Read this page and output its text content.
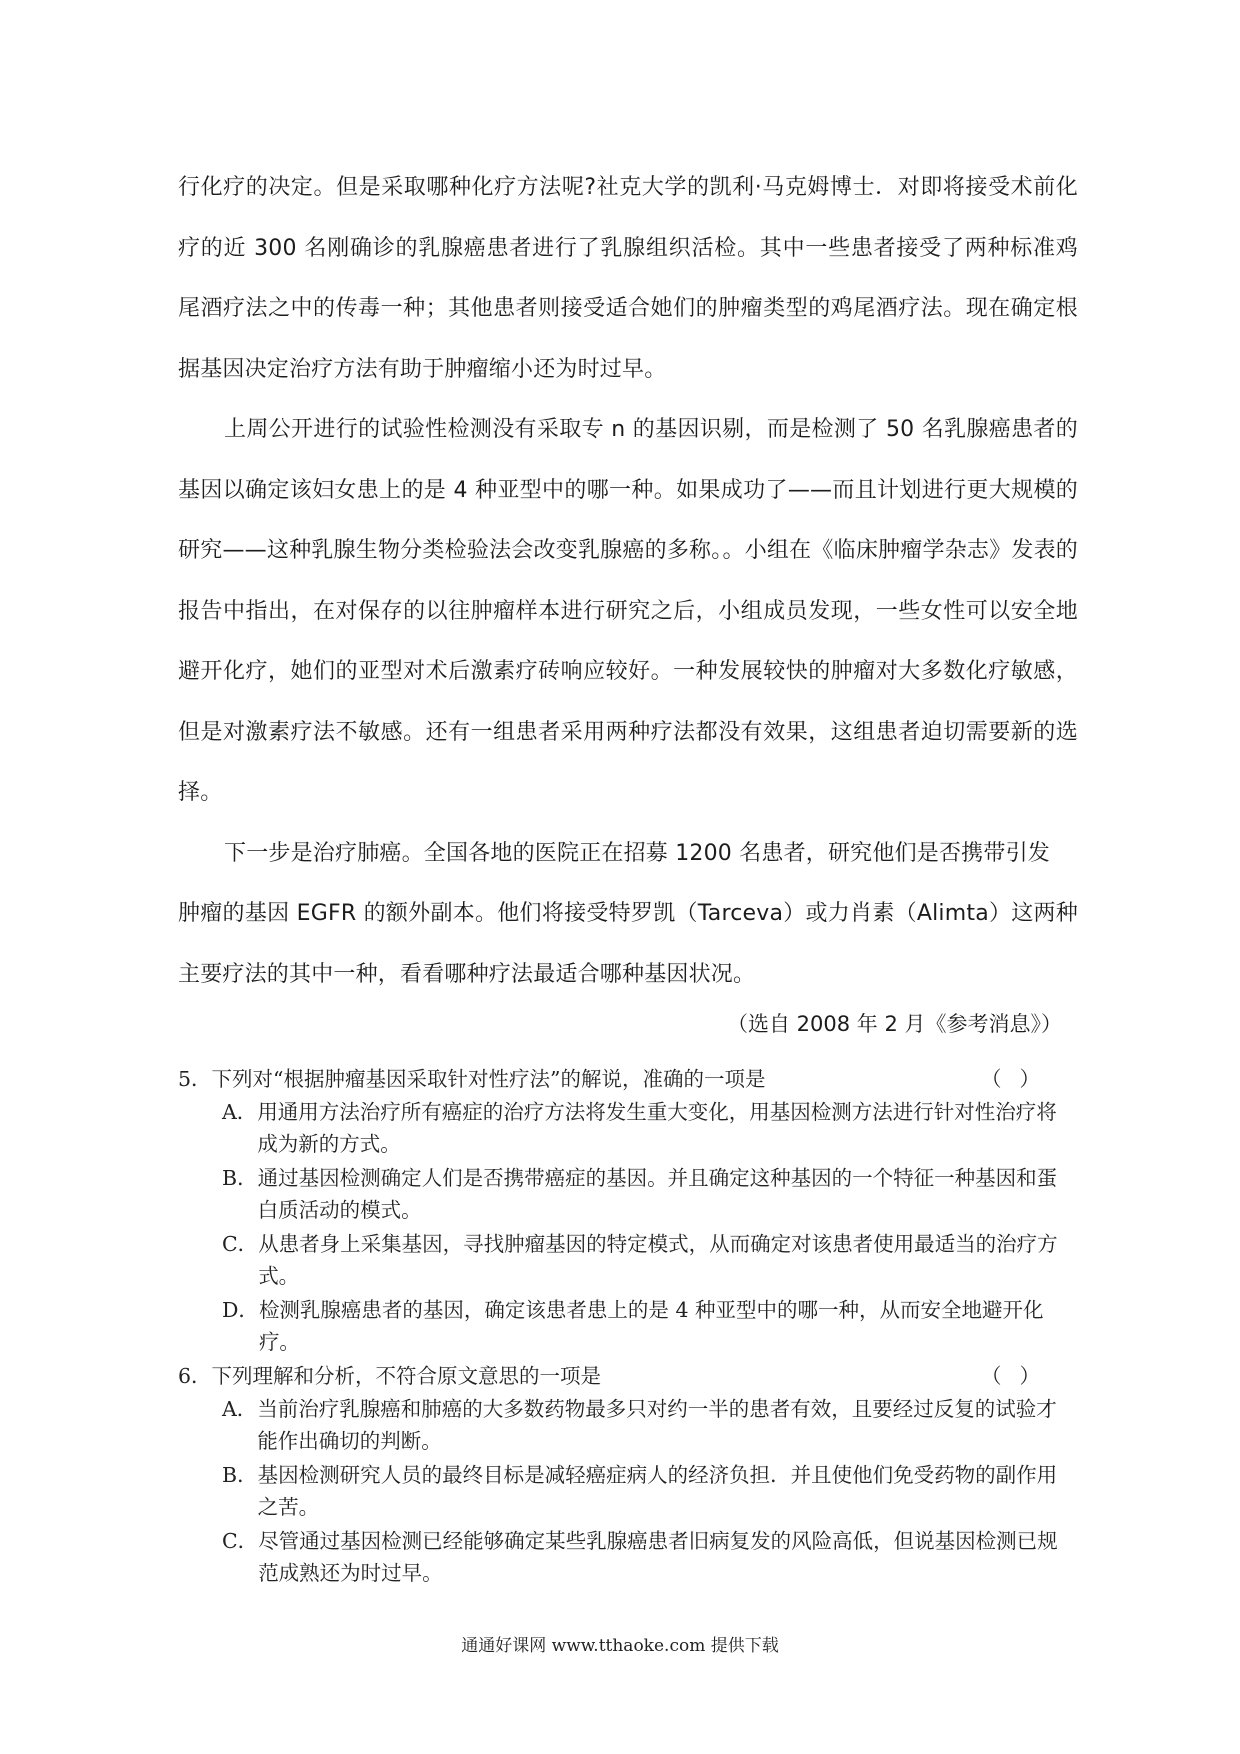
行化疗的决定。但是采取哪种化疗方法呢?社克大学的凯利·马克姆博士．对即将接受术前化疗的近 300 名刚确诊的乳腺癌患者进行了乳腺组织活检。其中一些患者接受了两种标准鸡尾酒疗法之中的传毒一种；其他患者则接受适合她们的肿瘤类型的鸡尾酒疗法。现在确定根据基因决定治疗方法有助于肿瘤缩小还为时过早。

上周公开进行的试验性检测没有采取专 n 的基因识剔，而是检测了 50 名乳腺癌患者的基因以确定该妇女患上的是 4 种亚型中的哪一种。如果成功了——而且计划进行更大规模的研究——这种乳腺生物分类检验法会改变乳腺癌的多称。。小组在《临床肿瘤学杂志》发表的报告中指出，在对保存的以往肿瘤样本进行研究之后，小组成员发现，一些女性可以安全地避开化疗，她们的亚型对术后激素疗砖响应较好。一种发展较快的肿瘤对大多数化疗敏感，但是对激素疗法不敏感。还有一组患者采用两种疗法都没有效果，这组患者迫切需要新的选择。

下一步是治疗肺癌。全国各地的医院正在招募 1200 名患者，研究他们是否携带引发

肿瘤的基因 EGFR 的额外副本。他们将接受特罗凯（Tarceva）或力肖素（Alimta）这两种主要疗法的其中一种，看看哪种疗法最适合哪种基因状况。

（选自 2008 年 2 月《参考消息》）
5．下列对“根据肿瘤基因采取针对性疗法”的解说，准确的一项是	（）
A． 用通用方法治疗所有癌症的治疗方法将发生重大变化，用基因检测方法进行针对性治疗将成为新的方式。
B． 通过基因检测确定人们是否携带癌症的基因。并且确定这种基因的一个特征一种基因和蛋白质活动的模式。
C． 从患者身上采集基因，寻找肿瘤基因的特定模式，从而确定对该患者使用最适当的治疗方式。
D． 检测乳腺癌患者的基因，确定该患者患上的是 4 种亚型中的哪一种，从而安全地避开化疗。
6．下列理解和分析，不符合原文意思的一项是	（）
A． 当前治疗乳腺癌和肺癌的大多数药物最多只对约一半的患者有效，且要经过反复的试验才能作出确切的判断。
B． 基因检测研究人员的最终目标是减轻癌症病人的经济负担．并且使他们免受药物的副作用之苦。
C． 尽管通过基因检测已经能够确定某些乳腺癌患者旧病复发的风险高低，但说基因检测已规范成熟还为时过早。
通通好课网 www.tthaoke.com 提供下载
